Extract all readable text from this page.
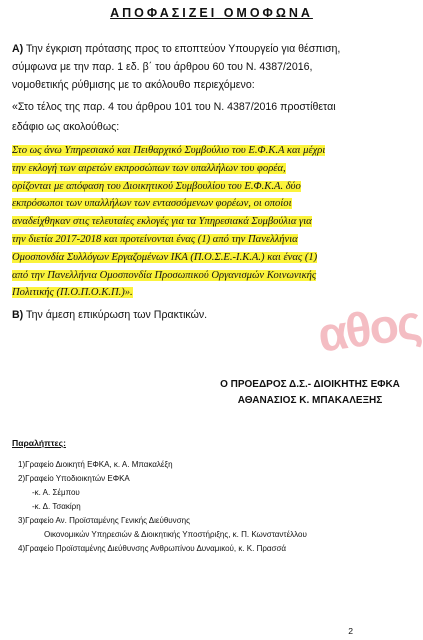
ΑΠΟΦΑΣΙΖΕΙ ΟΜΟΦΩΝΑ
Α) Την έγκριση πρότασης προς το εποπτεύον Υπουργείο για θέσπιση,
σύμφωνα με την παρ. 1 εδ. β΄ του άρθρου 60 του Ν. 4387/2016,
νομοθετικής ρύθμισης με το ακόλουθο περιεχόμενο:
«Στο τέλος της παρ. 4 του άρθρου 101 του Ν. 4387/2016 προστίθεται
εδάφιο ως ακολούθως:
Στο ως άνω Υπηρεσιακό και Πειθαρχικό Συμβούλιο του Ε.Φ.Κ.Α και μέχρι
την εκλογή των αιρετών εκπροσώπων των υπαλλήλων του φορέα,
ορίζονται με απόφαση του Διοικητικού Συμβουλίου του Ε.Φ.Κ.Α. δύο
εκπρόσωποι των υπαλλήλων των εντασσόμενων φορέων, οι οποίοι
αναδείχθηκαν στις τελευταίες εκλογές για τα Υπηρεσιακά Συμβούλια για
την διετία 2017-2018 και προτείνονται ένας (1) από την Πανελλήνια
Ομοσπονδία Συλλόγων Εργαζομένων ΙΚΑ (Π.Ο.Σ.Ε.-Ι.Κ.Α.) και ένας (1)
από την Πανελλήνια Ομοσπονδία Προσωπικού Οργανισμών Κοινωνικής
Πολιτικής (Π.Ο.Π.Ο.Κ.Π.)».
αθος
Β) Την άμεση επικύρωση των Πρακτικών.
Ο ΠΡΟΕΔΡΟΣ Δ.Σ.- ΔΙΟΙΚΗΤΗΣ ΕΦΚΑ
ΑΘΑΝΑΣΙΟΣ Κ. ΜΠΑΚΑΛΕΞΗΣ
Παραλήπτες:
1)Γραφείο Διοικητή ΕΦΚΑ, κ. Α. Μπακαλέξη
2)Γραφείο Υποδιοικητών ΕΦΚΑ
-κ. Α. Σέμπου
-κ. Δ. Τσακίρη
3)Γραφείο Αν. Προϊσταμένης Γενικής Διεύθυνσης
Οικονομικών Υπηρεσιών & Διοικητικής Υποστήριξης, κ. Π. Κωνσταντέλλου
4)Γραφείο Προϊσταμένης Διεύθυνσης Ανθρωπίνου Δυναμικού, κ. Κ. Πρασσά
2
